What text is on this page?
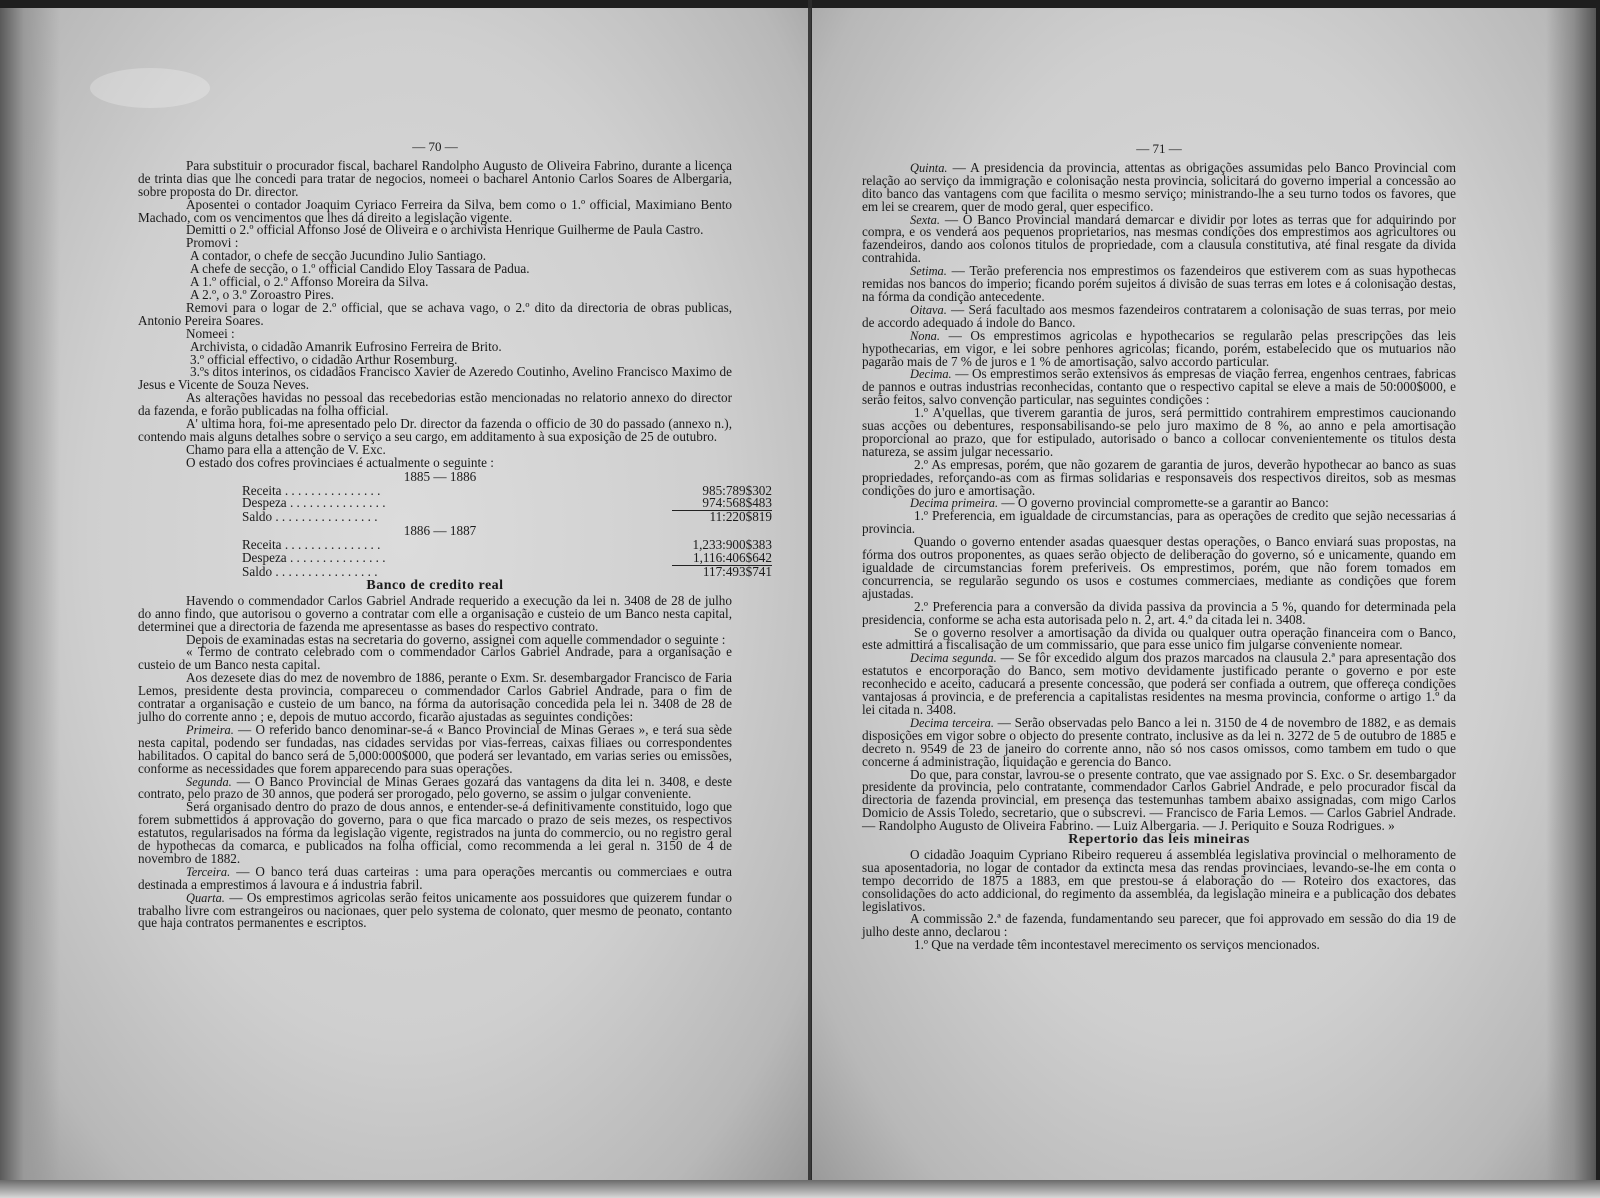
— 70 —

Para substituir o procurador fiscal, bacharel Randolpho Augusto de Oliveira Fabrino, durante a licença de trinta dias que lhe concedi para tratar de negocios, nomeei o bacharel Antonio Carlos Soares de Albergaria, sobre proposta do Dr. director.

Aposentei o contador Joaquim Cyriaco Ferreira da Silva, bem como o 1.º official, Maximiano Bento Machado, com os vencimentos que lhes dá direito a legislação vigente.

Demitti o 2.º official Affonso José de Oliveira e o archivista Henrique Guilherme de Paula Castro.

Promovi :

A contador, o chefe de secção Jucundino Julio Santiago.

A chefe de secção, o 1.º official Candido Eloy Tassara de Padua.

A 1.º official, o 2.º Affonso Moreira da Silva.

A 2.º, o 3.º Zoroastro Pires.

Removi para o logar de 2.º official, que se achava vago, o 2.º dito da directoria de obras publicas, Antonio Pereira Soares.

Nomeei :

Archivista, o cidadão Amanrik Eufrosino Ferreira de Brito.

3.º official effectivo, o cidadão Arthur Rosemburg.

3.ºs ditos interinos, os cidadãos Francisco Xavier de Azeredo Coutinho, Avelino Francisco Maximo de Jesus e Vicente de Souza Neves.

As alterações havidas no pessoal das recebedorias estão mencionadas no relatorio annexo do director da fazenda, e forão publicadas na folha official.

A' ultima hora, foi-me apresentado pelo Dr. director da fazenda o officio de 30 do passado (annexo n.), contendo mais alguns detalhes sobre o serviço a seu cargo, em additamento à sua exposição de 25 de outubro.

Chamo para ella a attenção de V. Exc.

O estado dos cofres provinciaes é actualmente o seguinte :

1885 — 1886
Receita . . . . . . . . . . . . . . .	985:789$302
Despeza . . . . . . . . . . . . . . .	974:568$483
Saldo . . . . . . . . . . . . . . . .	11:220$819
1886 — 1887
Receita . . . . . . . . . . . . . . .	1,233:900$383
Despeza . . . . . . . . . . . . . . .	1,116:406$642
Saldo . . . . . . . . . . . . . . . .	117:493$741
Banco de credito real

Havendo o commendador Carlos Gabriel Andrade requerido a execução da lei n. 3408 de 28 de julho do anno findo, que autorisou o governo a contratar com elle a organisação e custeio de um Banco nesta capital, determinei que a directoria de fazenda me apresentasse as bases do respectivo contrato.

Depois de examinadas estas na secretaria do governo, assignei com aquelle commendador o seguinte :

« Termo de contrato celebrado com o commendador Carlos Gabriel Andrade, para a organisação e custeio de um Banco nesta capital.

Aos dezesete dias do mez de novembro de 1886, perante o Exm. Sr. desembargador Francisco de Faria Lemos, presidente desta provincia, compareceu o commendador Carlos Gabriel Andrade, para o fim de contratar a organisação e custeio de um banco, na fórma da autorisação concedida pela lei n. 3408 de 28 de julho do corrente anno ; e, depois de mutuo accordo, ficarão ajustadas as seguintes condições:

Primeira. — O referido banco denominar-se-á « Banco Provincial de Minas Geraes », e terá sua sède nesta capital, podendo ser fundadas, nas cidades servidas por vias-ferreas, caixas filiaes ou correspondentes habilitados. O capital do banco será de 5,000:000$000, que poderá ser levantado, em varias series ou emissões, conforme as necessidades que forem apparecendo para suas operações.

Segunda. — O Banco Provincial de Minas Geraes gozará das vantagens da dita lei n. 3408, e deste contrato, pelo prazo de 30 annos, que poderá ser prorogado, pelo governo, se assim o julgar conveniente.

Será organisado dentro do prazo de dous annos, e entender-se-á definitivamente constituido, logo que forem submettidos á approvação do governo, para o que fica marcado o prazo de seis mezes, os respectivos estatutos, regularisados na fórma da legislação vigente, registrados na junta do commercio, ou no registro geral de hypothecas da comarca, e publicados na folha official, como recommenda a lei geral n. 3150 de 4 de novembro de 1882.

Terceira. — O banco terá duas carteiras : uma para operações mercantis ou commerciaes e outra destinada a emprestimos á lavoura e á industria fabril.

Quarta. — Os emprestimos agricolas serão feitos unicamente aos possuidores que quizerem fundar o trabalho livre com estrangeiros ou nacionaes, quer pelo systema de colonato, quer mesmo de peonato, contanto que haja contratos permanentes e escriptos.

— 71 —

Quinta. — A presidencia da provincia, attentas as obrigações assumidas pelo Banco Provincial com relação ao serviço da immigração e colonisação nesta provincia, solicitará do governo imperial a concessão ao dito banco das vantagens com que facilita o mesmo serviço; ministrando-lhe a seu turno todos os favores, que em lei se crearem, quer de modo geral, quer especifico.

Sexta. — O Banco Provincial mandará demarcar e dividir por lotes as terras que for adquirindo por compra, e os venderá aos pequenos proprietarios, nas mesmas condições dos emprestimos aos agricultores ou fazendeiros, dando aos colonos titulos de propriedade, com a clausula constitutiva, até final resgate da divida contrahida.

Setima. — Terão preferencia nos emprestimos os fazendeiros que estiverem com as suas hypothecas remidas nos bancos do imperio; ficando porém sujeitos á divisão de suas terras em lotes e á colonisação destas, na fórma da condição antecedente.

Oitava. — Será facultado aos mesmos fazendeiros contratarem a colonisação de suas terras, por meio de accordo adequado á indole do Banco.

Nona. — Os emprestimos agricolas e hypothecarios se regularão pelas prescripções das leis hypothecarias, em vigor, e lei sobre penhores agricolas; ficando, porém, estabelecido que os mutuarios não pagarão mais de 7 % de juros e 1 % de amortisação, salvo accordo particular.

Decima. — Os emprestimos serão extensivos ás empresas de viação ferrea, engenhos centraes, fabricas de pannos e outras industrias reconhecidas, contanto que o respectivo capital se eleve a mais de 50:000$000, e serão feitos, salvo convenção particular, nas seguintes condições :

1.º A'quellas, que tiverem garantia de juros, será permittido contrahirem emprestimos caucionando suas acções ou debentures, responsabilisando-se pelo juro maximo de 8 %, ao anno e pela amortisação proporcional ao prazo, que for estipulado, autorisado o banco a collocar convenientemente os titulos desta natureza, se assim julgar necessario.

2.º As empresas, porém, que não gozarem de garantia de juros, deverão hypothecar ao banco as suas propriedades, reforçando-as com as firmas solidarias e responsaveis dos respectivos direitos, sob as mesmas condições do juro e amortisação.

Decima primeira. — O governo provincial compromette-se a garantir ao Banco:

1.º Preferencia, em igualdade de circumstancias, para as operações de credito que sejão necessarias á provincia.

Quando o governo entender asadas quaesquer destas operações, o Banco enviará suas propostas, na fórma dos outros proponentes, as quaes serão objecto de deliberação do governo, só e unicamente, quando em igualdade de circumstancias forem preferiveis. Os emprestimos, porém, que não forem tomados em concurrencia, se regularão segundo os usos e costumes commerciaes, mediante as condições que forem ajustadas.

2.º Preferencia para a conversão da divida passiva da provincia a 5 %, quando for determinada pela presidencia, conforme se acha esta autorisada pelo n. 2, art. 4.º da citada lei n. 3408.

Se o governo resolver a amortisação da divida ou qualquer outra operação financeira com o Banco, este admittirá a fiscalisação de um commissario, que para esse unico fim julgarse conveniente nomear.

Decima segunda. — Se fôr excedido algum dos prazos marcados na clausula 2.ª para apresentação dos estatutos e encorporação do Banco, sem motivo devidamente justificado perante o governo e por este reconhecido e aceito, caducará a presente concessão, que poderá ser confiada a outrem, que offereça condições vantajosas á provincia, e de preferencia a capitalistas residentes na mesma provincia, conforme o artigo 1.º da lei citada n. 3408.

Decima terceira. — Serão observadas pelo Banco a lei n. 3150 de 4 de novembro de 1882, e as demais disposições em vigor sobre o objecto do presente contrato, inclusive as da lei n. 3272 de 5 de outubro de 1885 e decreto n. 9549 de 23 de janeiro do corrente anno, não só nos casos omissos, como tambem em tudo o que concerne á administração, liquidação e gerencia do Banco.

Do que, para constar, lavrou-se o presente contrato, que vae assignado por S. Exc. o Sr. desembargador presidente da provincia, pelo contratante, commendador Carlos Gabriel Andrade, e pelo procurador fiscal da directoria de fazenda provincial, em presença das testemunhas tambem abaixo assignadas, com migo Carlos Domicio de Assis Toledo, secretario, que o subscrevi. — Francisco de Faria Lemos. — Carlos Gabriel Andrade. — Randolpho Augusto de Oliveira Fabrino. — Luiz Albergaria. — J. Periquito e Souza Rodrigues. »

Repertorio das leis mineiras

O cidadão Joaquim Cypriano Ribeiro requereu á assembléa legislativa provincial o melhoramento de sua aposentadoria, no logar de contador da extincta mesa das rendas provinciaes, levando-se-lhe em conta o tempo decorrido de 1875 a 1883, em que prestou-se á elaboração do — Roteiro dos exactores, das consolidações do acto addicional, do regimento da assembléa, da legislação mineira e a publicação dos debates legislativos.

A commissão 2.ª de fazenda, fundamentando seu parecer, que foi approvado em sessão do dia 19 de julho deste anno, declarou :

1.º Que na verdade têm incontestavel merecimento os serviços mencionados.
